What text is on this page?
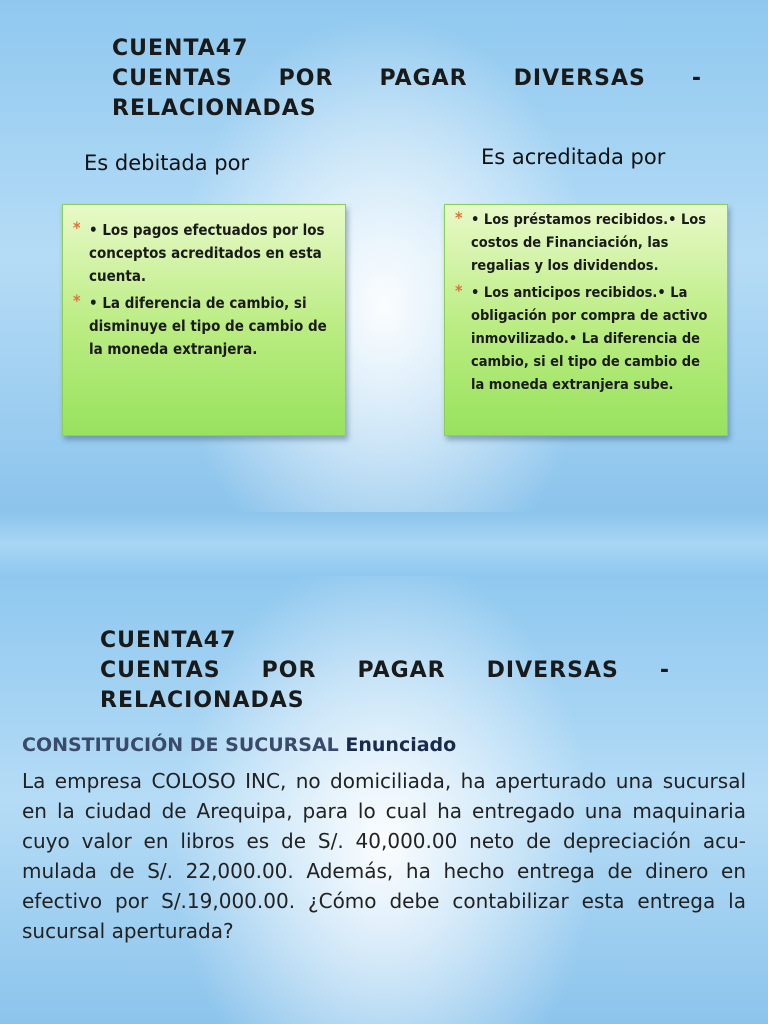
CUENTA47
CUENTAS POR PAGAR DIVERSAS -
RELACIONADAS
Es debitada por	Es acreditada por
* • Los pagos efectuados por los conceptos acreditados en esta cuenta.
* • La diferencia de cambio, si disminuye el tipo de cambio de la moneda extranjera.
* • Los préstamos recibidos.• Los costos de Financiación, las regalias y los dividendos.
* • Los anticipos recibidos.• La obligación por compra de activo inmovilizado.• La diferencia de cambio, si el tipo de cambio de la moneda extranjera sube.
CUENTA47
CUENTAS POR PAGAR DIVERSAS -
RELACIONADAS
CONSTITUCIÓN DE SUCURSAL Enunciado
La empresa COLOSO INC, no domiciliada, ha aperturado una sucursal en la ciudad de Arequipa, para lo cual ha entregado una maquinaria cuyo valor en libros es de S/. 40,000.00 neto de depreciación acu-mulada de S/. 22,000.00. Además, ha hecho entrega de dinero en efectivo por S/.19,000.00. ¿Cómo debe contabilizar esta entrega la sucursal aperturada?
